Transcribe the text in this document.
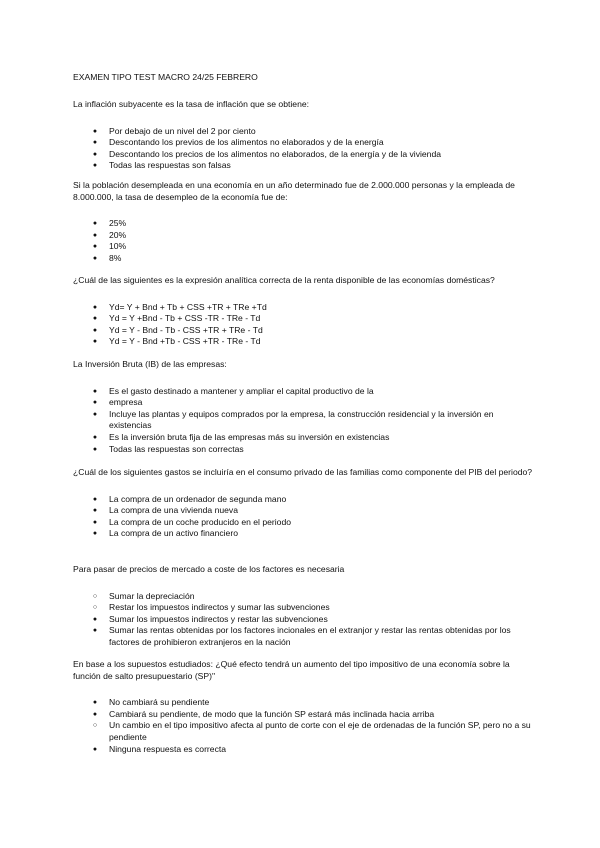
EXAMEN TIPO TEST MACRO 24/25 FEBRERO
La inflación subyacente es la tasa de inflación que se obtiene:
●	Por debajo de un nivel del 2 por ciento
●	Descontando los previos de los alimentos no elaborados y de la energía
●	Descontando los precios de los alimentos no elaborados, de la energía y de la vivienda
●	Todas las respuestas son falsas
Si la población desempleada en una economía en un año determinado fue de 2.000.000 personas y la empleada de 8.000.000, la tasa de desempleo de la economía fue de:
●	25%
●	20%
●	10%
●	8%
¿Cuál de las siguientes es la expresión analítica correcta de la renta disponible de las economías domésticas?
●	Yd= Y + Bnd + Tb + CSS +TR + TRe +Td
●	Yd = Y +Bnd - Tb + CSS -TR - TRe - Td
●	Yd = Y - Bnd - Tb - CSS +TR + TRe - Td
●	Yd = Y - Bnd +Tb - CSS +TR - TRe - Td
La Inversión Bruta (IB) de las empresas:
●	Es el gasto destinado a mantener y ampliar el capital productivo de la
●	empresa
●	Incluye las plantas y equipos comprados por la empresa, la construcción residencial y la inversión en existencias
●	Es la inversión bruta fija de las empresas más su inversión en existencias
●	Todas las respuestas son correctas
¿Cuál de los siguientes gastos se incluiría en el consumo privado de las familias como componente del PIB del periodo?
●	La compra de un ordenador de segunda mano
●	La compra de una vivienda nueva
●	La compra de un coche producido en el periodo
●	La compra de un activo financiero
Para pasar de precios de mercado a coste de los factores es necesaria
○	Sumar la depreciación
○	Restar los impuestos indirectos y sumar las subvenciones
●	Sumar los impuestos indirectos y restar las subvenciones
●	Sumar las rentas obtenidas por los factores incionales en el extranjor y restar las rentas obtenidas por los factores de prohibieron extranjeros en la nación
En base a los supuestos estudiados: ¿Qué efecto tendrá un aumento del tipo impositivo de una economía sobre la función de salto presupuestario (SP)"
●	No cambiará su pendiente
●	Cambiará su pendiente, de modo que la función SP estará más inclinada hacia arriba
○	Un cambio en el tipo impositivo afecta al punto de corte con el eje de ordenadas de la función SP, pero no a su pendiente
●	Ninguna respuesta es correcta
